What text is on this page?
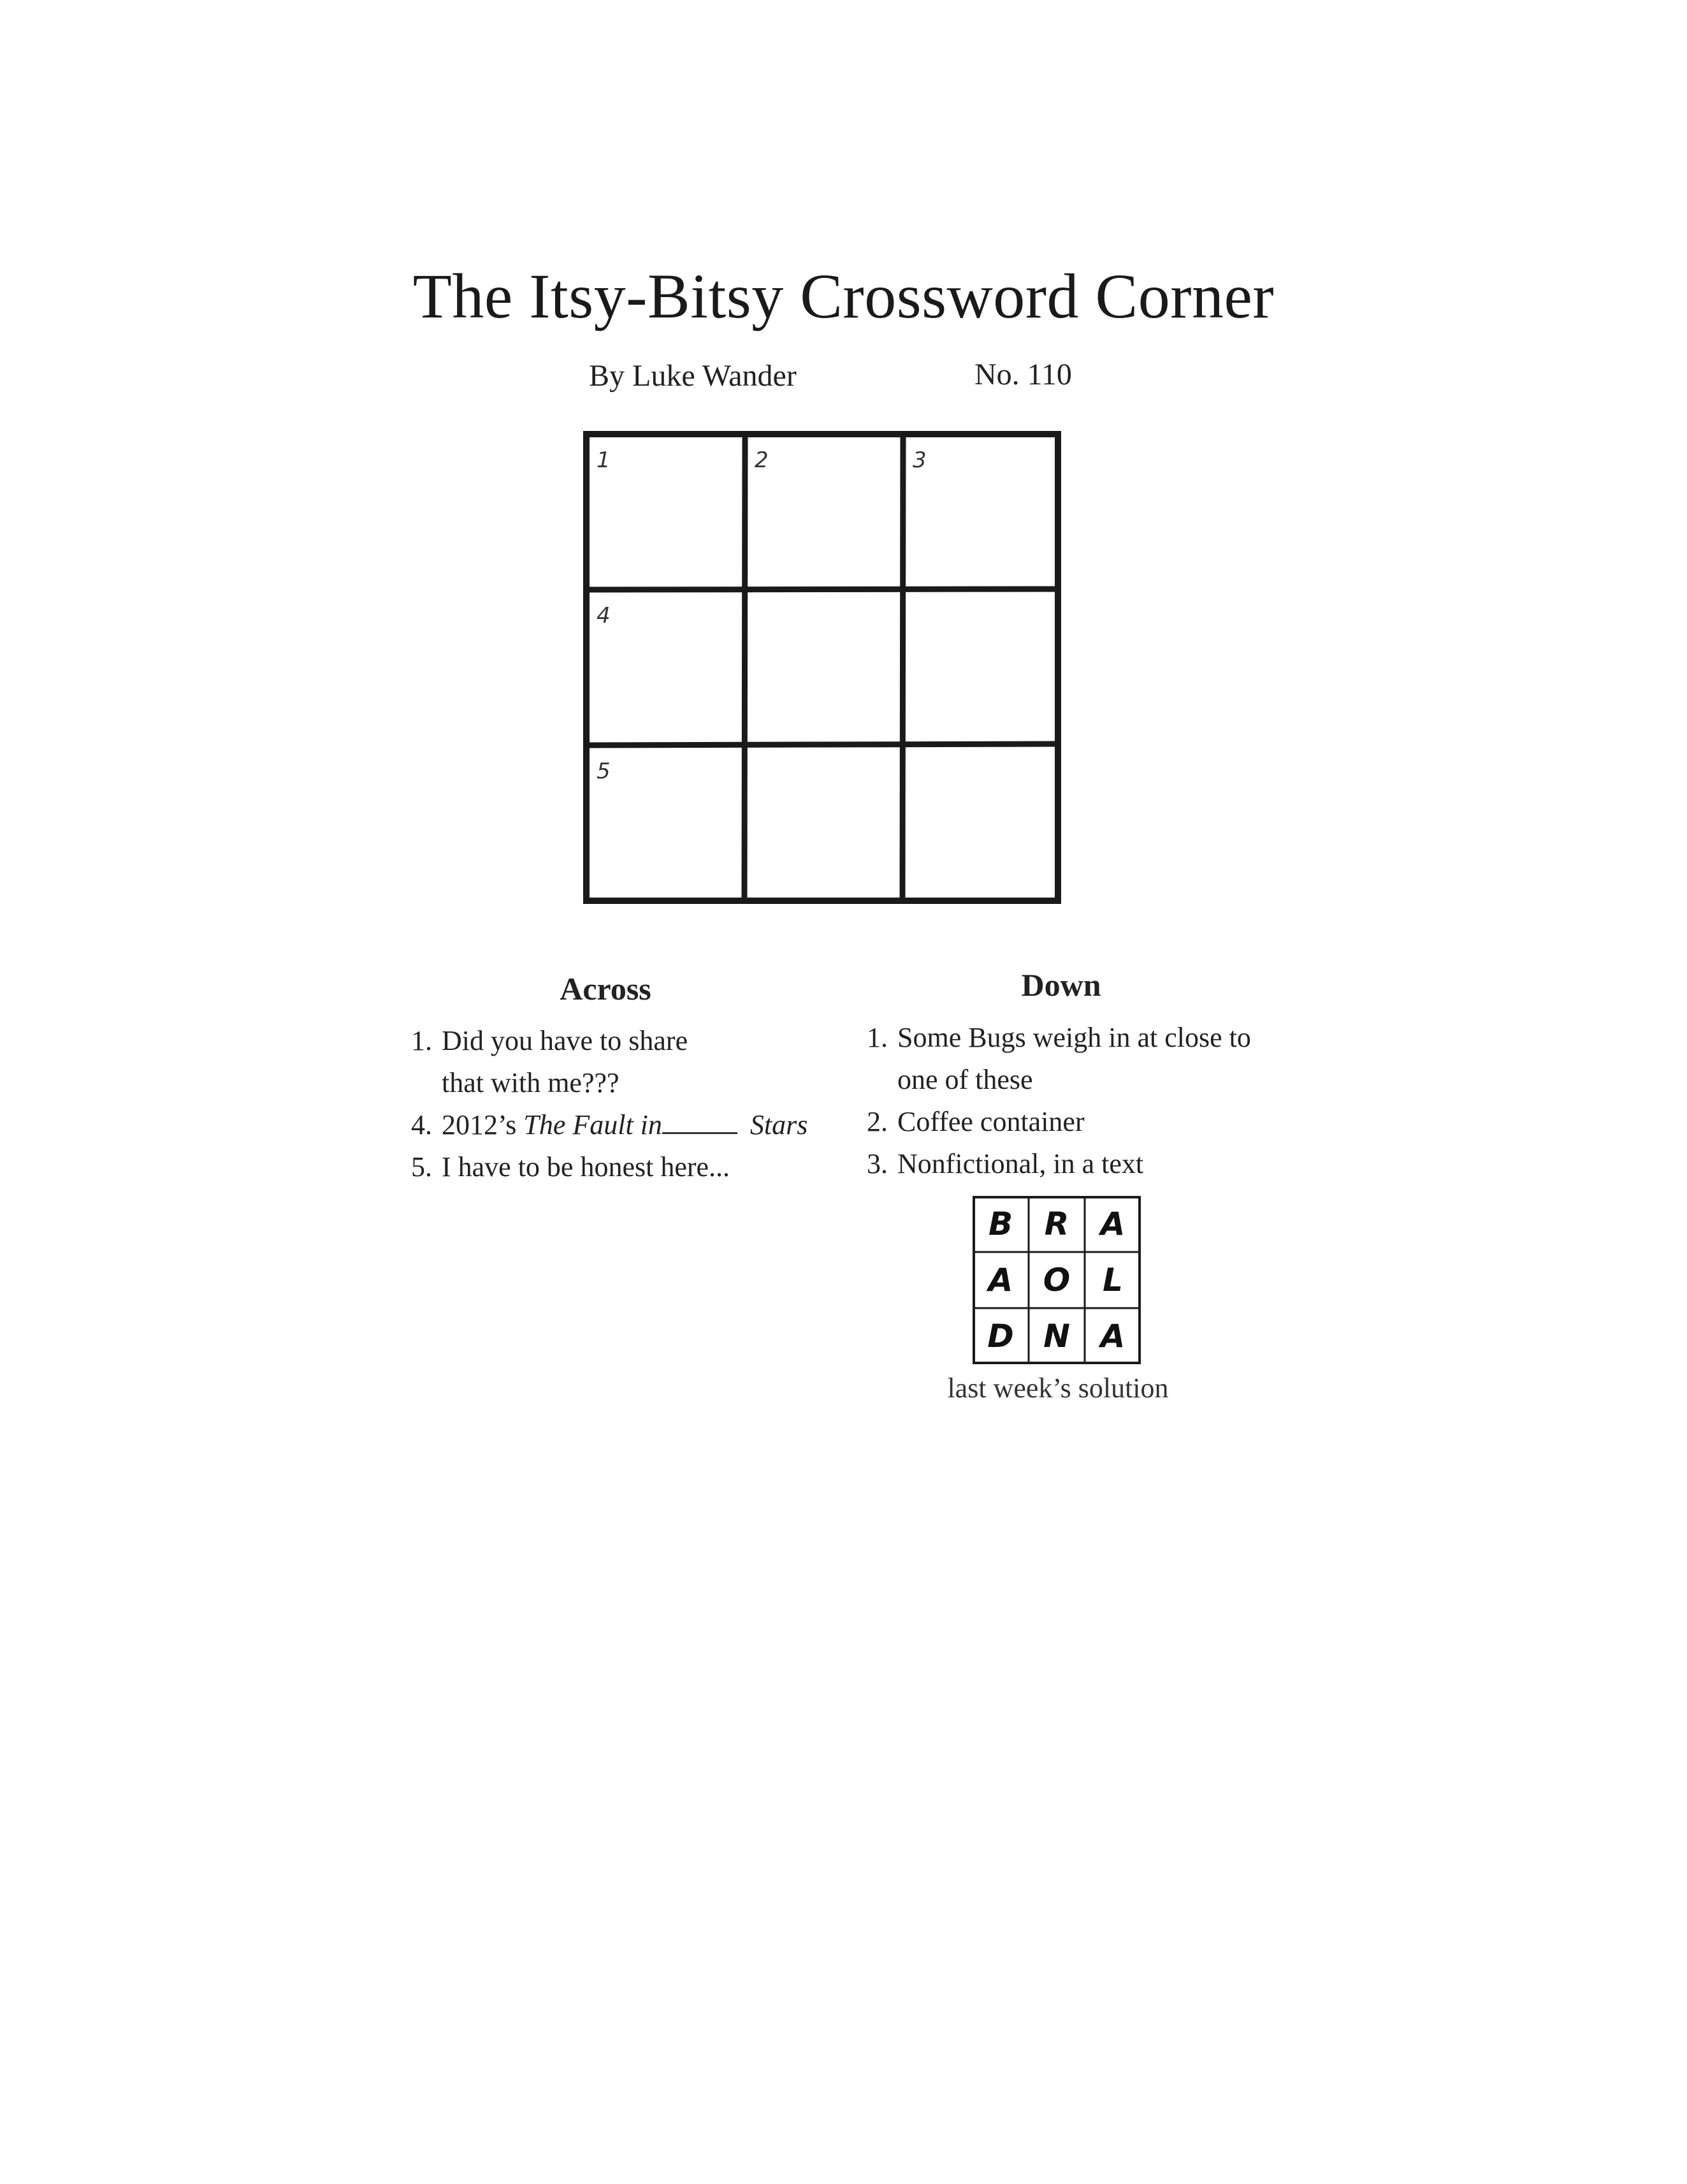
The Itsy-Bitsy Crossword Corner
By Luke Wander	No. 110
1	2	3
4
5
Across
1. Did you have to share
that with me???
4. 2012’s The Fault in	Stars
5. I have to be honest here...
Down
1. Some Bugs weigh in at close to
one of these
2. Coffee container
3. Nonfictional, in a text
B R A
A O	L
D N A
last week’s solution
